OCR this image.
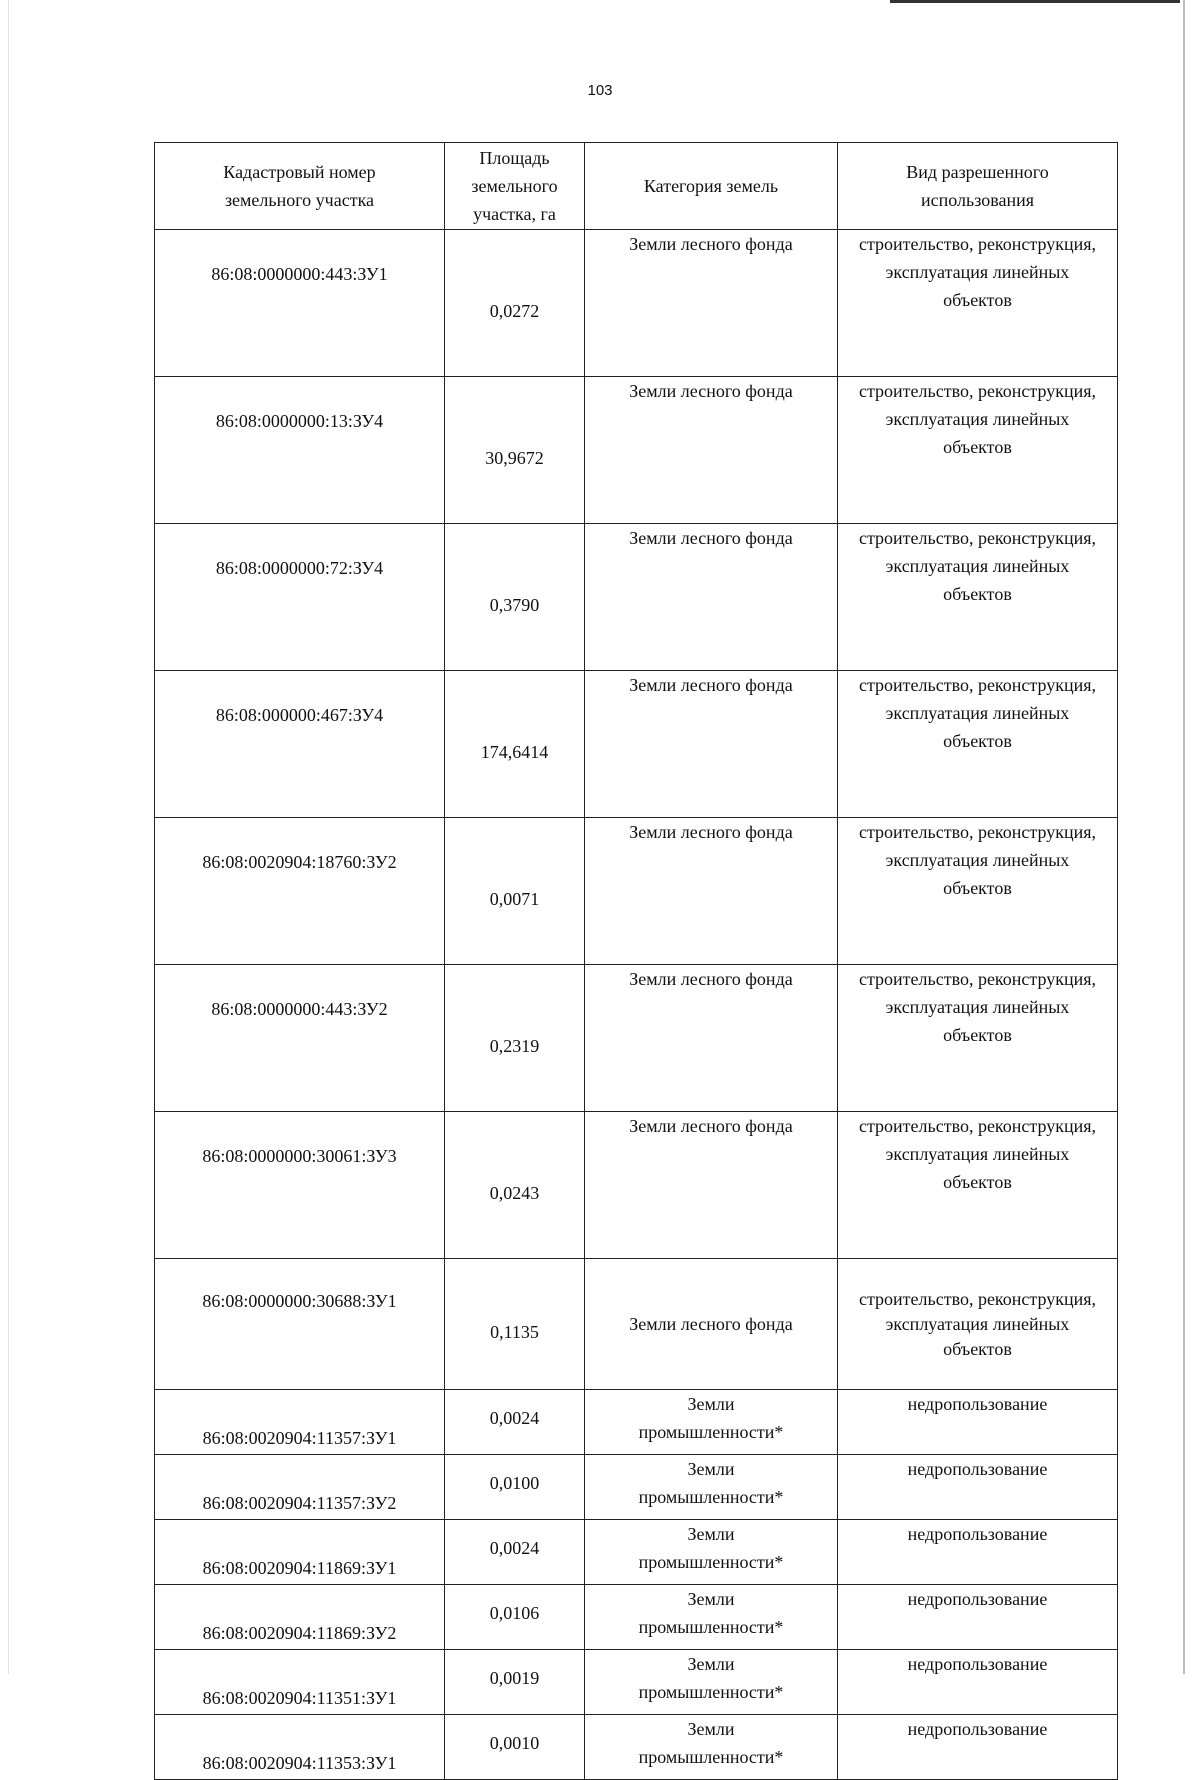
103
Кадастровый номер земельного участка	Площадь земельного участка, га	Категория земель	Вид разрешенного использования
86:08:0000000:443:ЗУ1	0,0272	Земли лесного фонда	строительство, реконструкция, эксплуатация линейных объектов
86:08:0000000:13:ЗУ4	30,9672	Земли лесного фонда	строительство, реконструкция, эксплуатация линейных объектов
86:08:0000000:72:ЗУ4	0,3790	Земли лесного фонда	строительство, реконструкция, эксплуатация линейных объектов
86:08:000000:467:ЗУ4	174,6414	Земли лесного фонда	строительство, реконструкция, эксплуатация линейных объектов
86:08:0020904:18760:ЗУ2	0,0071	Земли лесного фонда	строительство, реконструкция, эксплуатация линейных объектов
86:08:0000000:443:ЗУ2	0,2319	Земли лесного фонда	строительство, реконструкция, эксплуатация линейных объектов
86:08:0000000:30061:ЗУ3	0,0243	Земли лесного фонда	строительство, реконструкция, эксплуатация линейных объектов
86:08:0000000:30688:ЗУ1	0,1135	Земли лесного фонда	строительство, реконструкция, эксплуатация линейных объектов
86:08:0020904:11357:ЗУ1	0,0024	Земли промышленности*	недропользование
86:08:0020904:11357:ЗУ2	0,0100	Земли промышленности*	недропользование
86:08:0020904:11869:ЗУ1	0,0024	Земли промышленности*	недропользование
86:08:0020904:11869:ЗУ2	0,0106	Земли промышленности*	недропользование
86:08:0020904:11351:ЗУ1	0,0019	Земли промышленности*	недропользование
86:08:0020904:11353:ЗУ1	0,0010	Земли промышленности*	недропользование
